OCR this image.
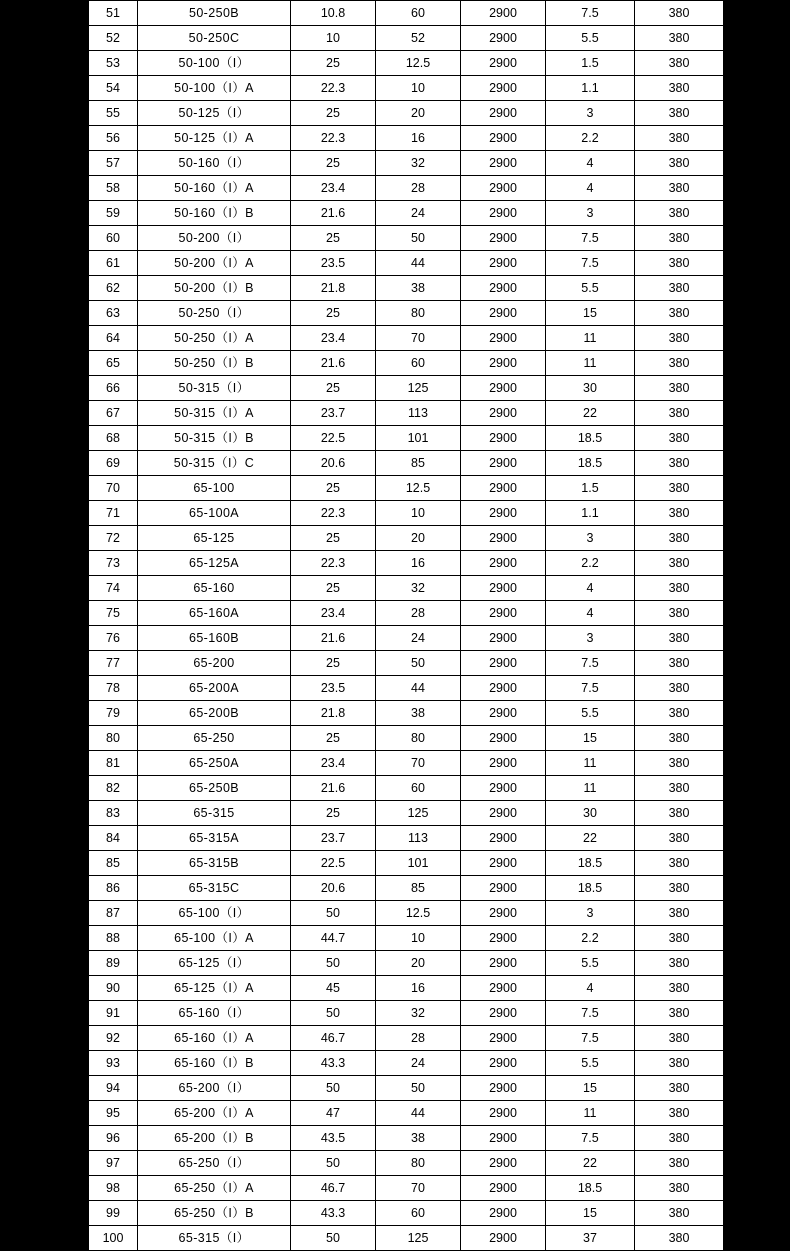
51	50-250B	10.8	60	2900	7.5	380
52	50-250C	10	52	2900	5.5	380
53	50-100（I）	25	12.5	2900	1.5	380
54	50-100（I）A	22.3	10	2900	1.1	380
55	50-125（I）	25	20	2900	3	380
56	50-125（I）A	22.3	16	2900	2.2	380
57	50-160（I）	25	32	2900	4	380
58	50-160（I）A	23.4	28	2900	4	380
59	50-160（I）B	21.6	24	2900	3	380
60	50-200（I）	25	50	2900	7.5	380
61	50-200（I）A	23.5	44	2900	7.5	380
62	50-200（I）B	21.8	38	2900	5.5	380
63	50-250（I）	25	80	2900	15	380
64	50-250（I）A	23.4	70	2900	11	380
65	50-250（I）B	21.6	60	2900	11	380
66	50-315（I）	25	125	2900	30	380
67	50-315（I）A	23.7	113	2900	22	380
68	50-315（I）B	22.5	101	2900	18.5	380
69	50-315（I）C	20.6	85	2900	18.5	380
70	65-100	25	12.5	2900	1.5	380
71	65-100A	22.3	10	2900	1.1	380
72	65-125	25	20	2900	3	380
73	65-125A	22.3	16	2900	2.2	380
74	65-160	25	32	2900	4	380
75	65-160A	23.4	28	2900	4	380
76	65-160B	21.6	24	2900	3	380
77	65-200	25	50	2900	7.5	380
78	65-200A	23.5	44	2900	7.5	380
79	65-200B	21.8	38	2900	5.5	380
80	65-250	25	80	2900	15	380
81	65-250A	23.4	70	2900	11	380
82	65-250B	21.6	60	2900	11	380
83	65-315	25	125	2900	30	380
84	65-315A	23.7	113	2900	22	380
85	65-315B	22.5	101	2900	18.5	380
86	65-315C	20.6	85	2900	18.5	380
87	65-100（I）	50	12.5	2900	3	380
88	65-100（I）A	44.7	10	2900	2.2	380
89	65-125（I）	50	20	2900	5.5	380
90	65-125（I）A	45	16	2900	4	380
91	65-160（I）	50	32	2900	7.5	380
92	65-160（I）A	46.7	28	2900	7.5	380
93	65-160（I）B	43.3	24	2900	5.5	380
94	65-200（I）	50	50	2900	15	380
95	65-200（I）A	47	44	2900	11	380
96	65-200（I）B	43.5	38	2900	7.5	380
97	65-250（I）	50	80	2900	22	380
98	65-250（I）A	46.7	70	2900	18.5	380
99	65-250（I）B	43.3	60	2900	15	380
100	65-315（I）	50	125	2900	37	380
